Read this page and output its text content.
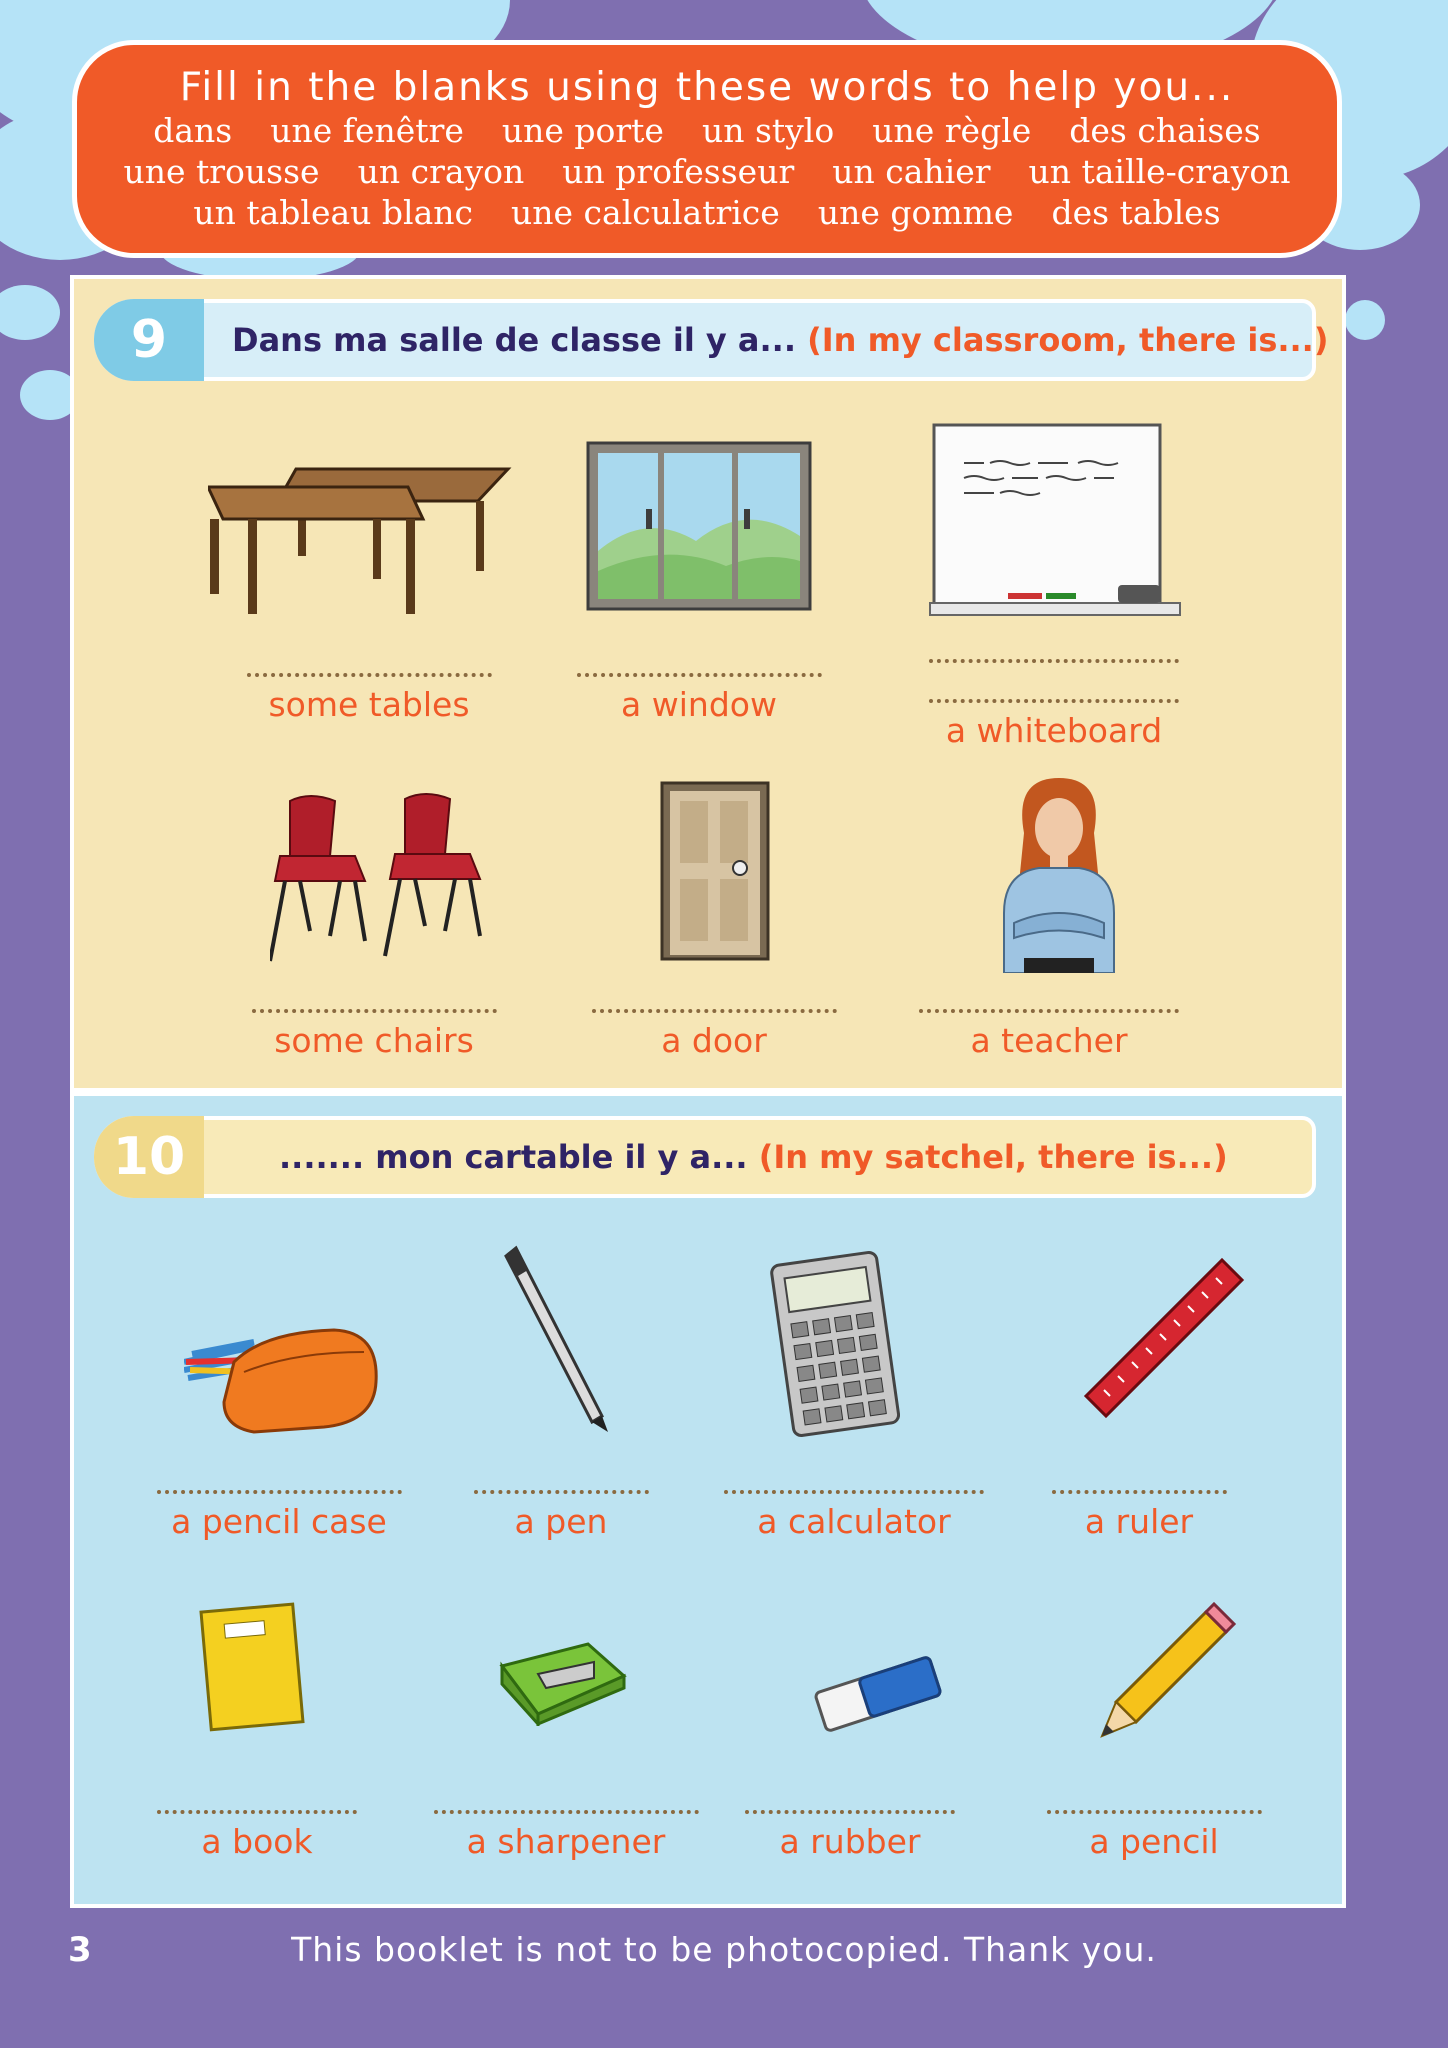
Fill in the blanks using these words to help you...
dans une fenêtre une porte un stylo une règle des chaises
une trousse un crayon un professeur un cahier un taille-crayon
un tableau blanc une calculatrice une gomme des tables
9	Dans ma salle de classe il y a... (In my classroom, there is...)
some tables	a window
a whiteboard
some chairs	a door	a teacher
10	....... mon cartable il y a... (In my satchel, there is...)
a pencil case	a pen	a calculator	a ruler
a book	a sharpener	a rubber	a pencil
3	This booklet is not to be photocopied. Thank you.
